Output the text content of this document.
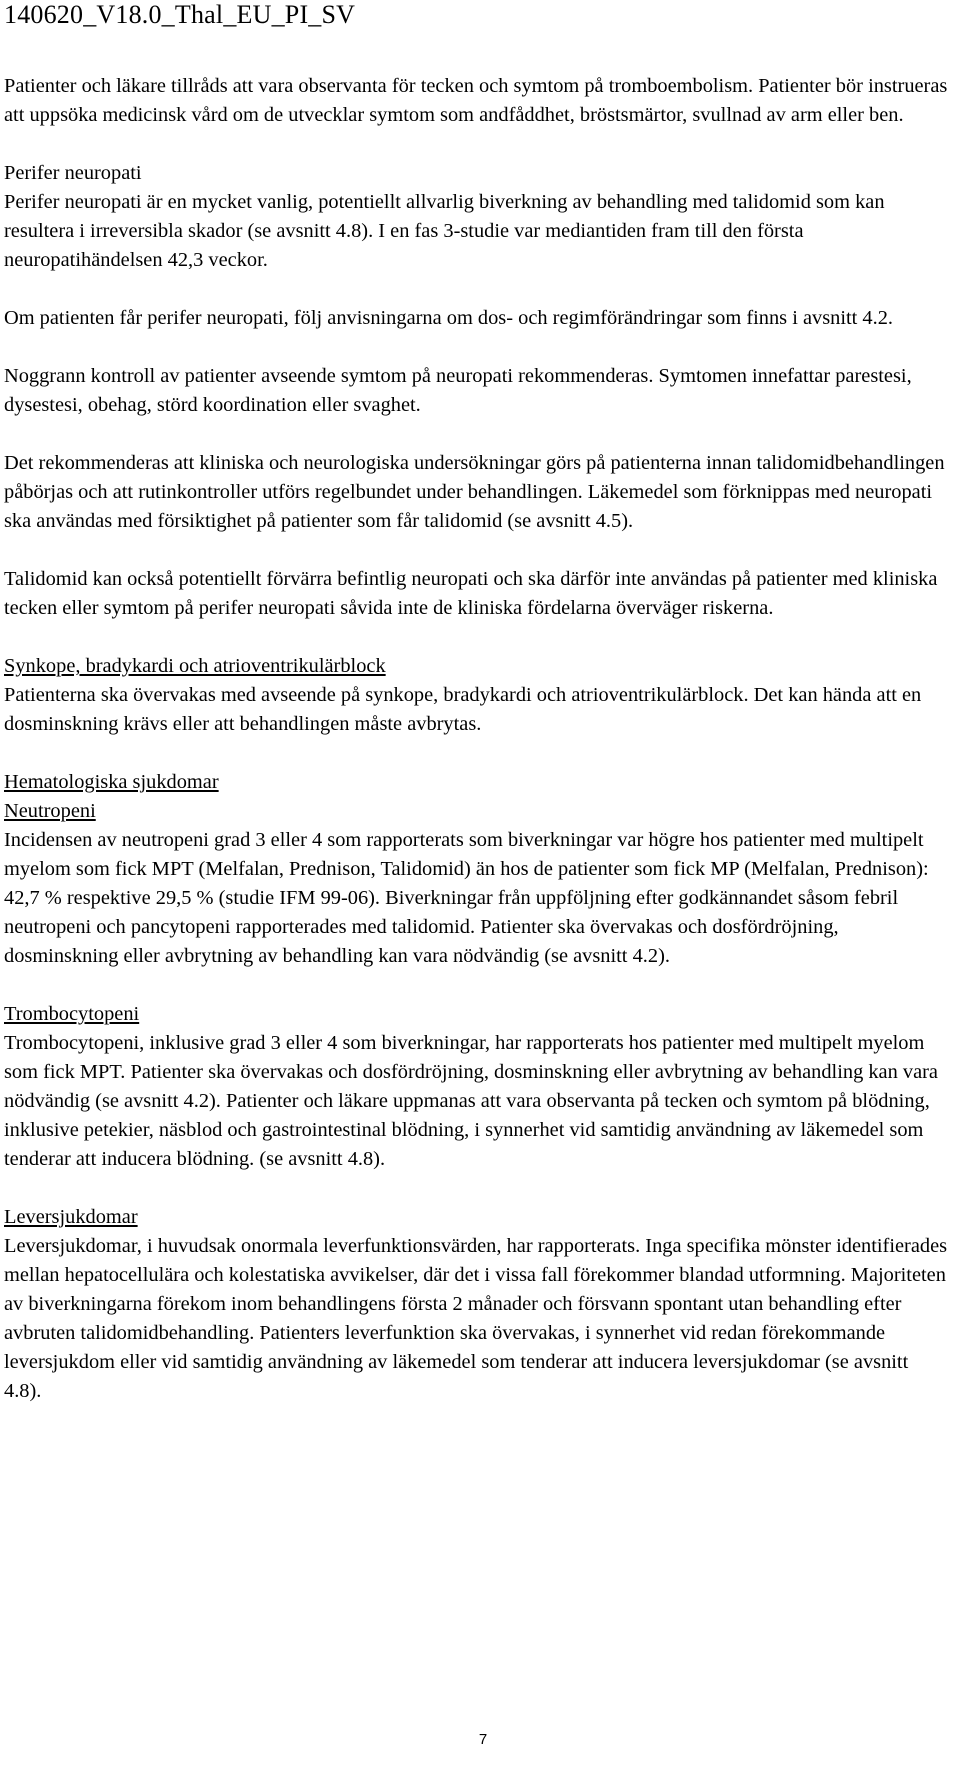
140620_V18.0_Thal_EU_PI_SV

Patienter och läkare tillråds att vara observanta för tecken och symtom på tromboembolism. Patienter bör instrueras att uppsöka medicinsk vård om de utvecklar symtom som andfåddhet, bröstsmärtor, svullnad av arm eller ben.

Perifer neuropati

Perifer neuropati är en mycket vanlig, potentiellt allvarlig biverkning av behandling med talidomid som kan resultera i irreversibla skador (se avsnitt 4.8). I en fas 3-studie var mediantiden fram till den första neuropatihändelsen 42,3 veckor.

Om patienten får perifer neuropati, följ anvisningarna om dos- och regimförändringar som finns i avsnitt 4.2.

Noggrann kontroll av patienter avseende symtom på neuropati rekommenderas. Symtomen innefattar parestesi, dysestesi, obehag, störd koordination eller svaghet.

Det rekommenderas att kliniska och neurologiska undersökningar görs på patienterna innan talidomidbehandlingen påbörjas och att rutinkontroller utförs regelbundet under behandlingen. Läkemedel som förknippas med neuropati ska användas med försiktighet på patienter som får talidomid (se avsnitt 4.5).

Talidomid kan också potentiellt förvärra befintlig neuropati och ska därför inte användas på patienter med kliniska tecken eller symtom på perifer neuropati såvida inte de kliniska fördelarna överväger riskerna.

Synkope, bradykardi och atrioventrikulärblock

Patienterna ska övervakas med avseende på synkope, bradykardi och atrioventrikulärblock. Det kan hända att en dosminskning krävs eller att behandlingen måste avbrytas.

Hematologiska sjukdomar

Neutropeni

Incidensen av neutropeni grad 3 eller 4 som rapporterats som biverkningar var högre hos patienter med multipelt myelom som fick MPT (Melfalan, Prednison, Talidomid) än hos de patienter som fick MP (Melfalan, Prednison): 42,7 % respektive 29,5 % (studie IFM 99-06). Biverkningar från uppföljning efter godkännandet såsom febril neutropeni och pancytopeni rapporterades med talidomid. Patienter ska övervakas och dosfördröjning, dosminskning eller avbrytning av behandling kan vara nödvändig (se avsnitt 4.2).

Trombocytopeni

Trombocytopeni, inklusive grad 3 eller 4 som biverkningar, har rapporterats hos patienter med multipelt myelom som fick MPT. Patienter ska övervakas och dosfördröjning, dosminskning eller avbrytning av behandling kan vara nödvändig (se avsnitt 4.2). Patienter och läkare uppmanas att vara observanta på tecken och symtom på blödning, inklusive petekier, näsblod och gastrointestinal blödning, i synnerhet vid samtidig användning av läkemedel som tenderar att inducera blödning. (se avsnitt 4.8).

Leversjukdomar

Leversjukdomar, i huvudsak onormala leverfunktionsvärden, har rapporterats. Inga specifika mönster identifierades mellan hepatocellulära och kolestatiska avvikelser, där det i vissa fall förekommer blandad utformning. Majoriteten av biverkningarna förekom inom behandlingens första 2 månader och försvann spontant utan behandling efter avbruten talidomidbehandling. Patienters leverfunktion ska övervakas, i synnerhet vid redan förekommande leversjukdom eller vid samtidig användning av läkemedel som tenderar att inducera leversjukdomar (se avsnitt 4.8).

7
